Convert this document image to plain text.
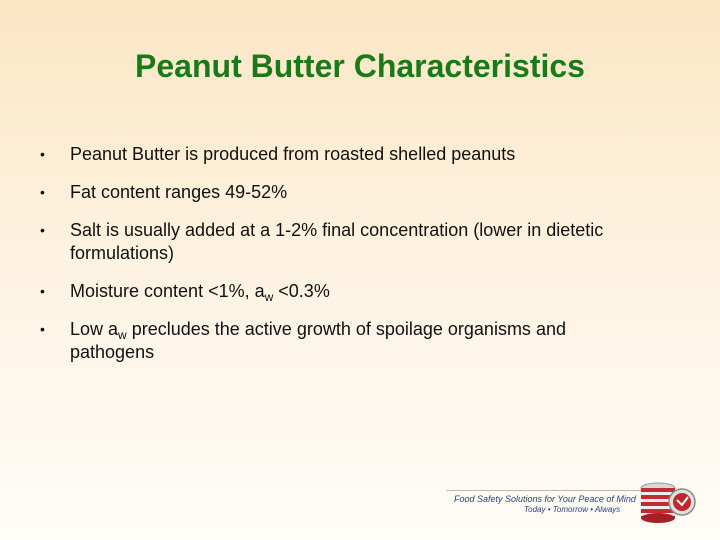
Peanut Butter Characteristics
• Peanut Butter is produced from roasted shelled peanuts
• Fat content ranges 49-52%
• Salt is usually added at a 1-2% final concentration (lower in dietetic
formulations)
• Moisture content <1%, $a_w <0.3\%$
• Low $a_w$ precludes the active growth of spoilage organisms and
pathogens
Food Safety Solutions for Your Peace of Mind
Today • Tomorrow • Always
